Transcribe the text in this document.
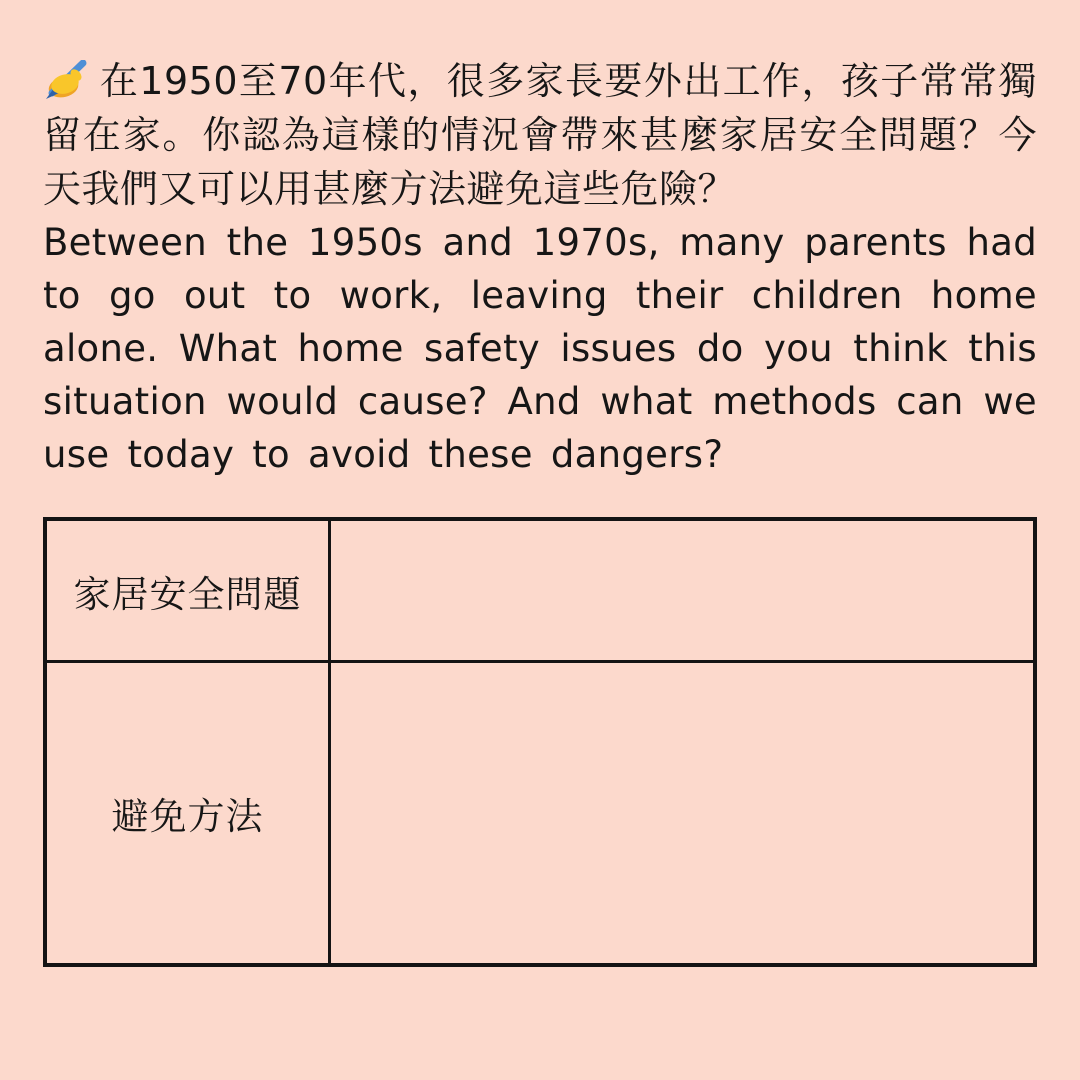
在1950至70年代，很多家長要外出工作，孩子常常獨留在家。你認為這樣的情況會帶來甚麼家居安全問題？今天我們又可以用甚麼方法避免這些危險？

Between the 1950s and 1970s, many parents had to go out to work, leaving their children home alone. What home safety issues do you think this situation would cause? And what methods can we use today to avoid these dangers?

家居安全問題
避免方法
